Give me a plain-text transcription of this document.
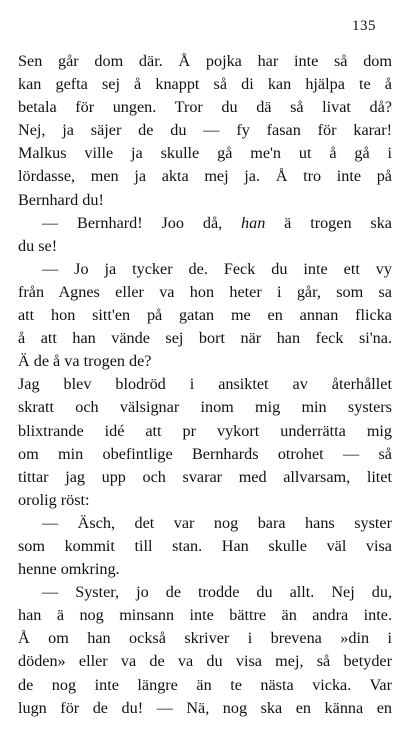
135
Sen går dom där. Å pojka har inte så dom
kan gefta sej å knappt så di kan hjälpa te å
betala för ungen. Tror du dä så livat då?
Nej, ja säjer de du — fy fasan för karar!
Malkus ville ja skulle gå me'n ut å gå i
lördasse, men ja akta mej ja. Å tro inte på
Bernhard du!
— Bernhard! Joo då, han ä trogen ska
du se!
— Jo ja tycker de. Feck du inte ett vy
från Agnes eller va hon heter i går, som sa
att hon sitt'en på gatan me en annan flicka
å att han vände sej bort när han feck si'na.
Ä de å va trogen de?
Jag blev blodröd i ansiktet av återhållet
skratt och välsignar inom mig min systers
blixtrande idé att pr vykort underrätta mig
om min obefintlige Bernhards otrohet — så
tittar jag upp och svarar med allvarsam, litet
orolig röst:
— Äsch, det var nog bara hans syster
som kommit till stan. Han skulle väl visa
henne omkring.
— Syster, jo de trodde du allt. Nej du,
han ä nog minsann inte bättre än andra inte.
Å om han också skriver i brevena »din i
döden» eller va de va du visa mej, så betyder
de nog inte längre än te nästa vicka. Var
lugn för de du! — Nä, nog ska en känna en
